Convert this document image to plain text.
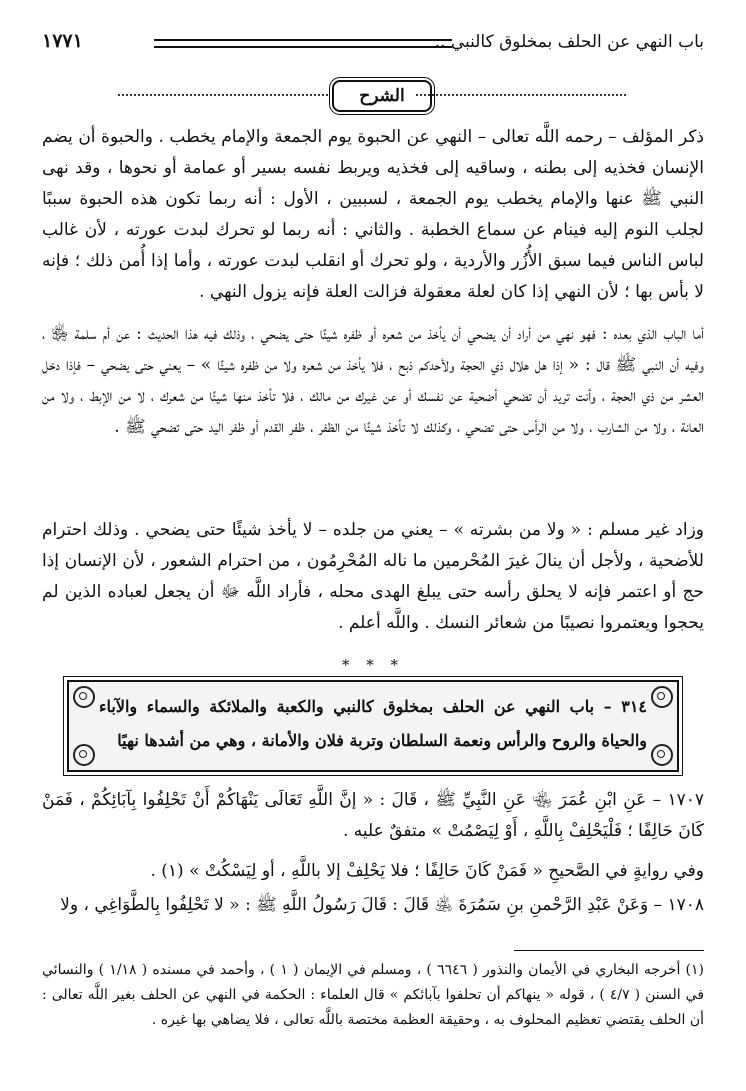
باب النهي عن الحلف بمخلوق كالنبي ..
١٧٧١
الشرح

ذكر المؤلف – رحمه اللَّه تعالى – النهي عن الحبوة يوم الجمعة والإمام يخطب . والحبوة أن يضم الإنسان فخذيه إلى بطنه ، وساقيه إلى فخذيه ويربط نفسه بسير أو عمامة أو نحوها ، وقد نهى النبي ﷺ عنها والإمام يخطب يوم الجمعة ، لسببين ، الأول : أنه ربما تكون هذه الحبوة سببًا لجلب النوم إليه فينام عن سماع الخطبة . والثاني : أنه ربما لو تحرك لبدت عورته ، لأن غالب لباس الناس فيما سبق الأُزُر والأردية ، ولو تحرك أو انقلب لبدت عورته ، وأما إذا أُمن ذلك ؛ فإنه لا بأس بها ؛ لأن النهي إذا كان لعلة معقولة فزالت العلة فإنه يزول النهي .

أما الباب الذي بعده : فهو نهي من أراد أن يضحي أن يأخذ من شعره أو ظفره شيئًا حتى يضحي ، وذلك فيه هذا الحديث : عن أم سلمة ﵂ ، وفيه أن النبي ﷺ قال : « إذا هل هلال ذي الحجة ولأحدكم ذبح ، فلا يأخذ من شعره ولا من ظفره شيئًا » – يعني حتى يضحي – فإذا دخل العشر من ذي الحجة ، وأنت تريد أن تضحي أضحية عن نفسك أو عن غيرك من مالك ، فلا تأخذ منها شيئًا من شعرك ، لا من الإبط ، ولا من العانة ، ولا من الشارب ، ولا من الرأس حتى تضحي ، وكذلك لا تأخذ شيئًا من الظفر ، ظفر القدم أو ظفر اليد حتى تضحي ﷺ .

وزاد غير مسلم : « ولا من بشرته » – يعني من جلده – لا يأخذ شيئًا حتى يضحي . وذلك احترام للأضحية ، ولأجل أن ينالَ غيرَ المُحْرمين ما ناله المُحْرِمُون ، من احترام الشعور ، لأن الإنسان إذا حج أو اعتمر فإنه لا يحلق رأسه حتى يبلغ الهدى محله ، فأراد اللَّه ﷻ أن يجعل لعباده الذين لم يحجوا ويعتمروا نصيبًا من شعائر النسك . واللَّه أعلم .

* * *
٣١٤ – باب النهي عن الحلف بمخلوق كالنبي والكعبة والملائكة والسماء والآباء والحياة والروح والرأس ونعمة السلطان وتربة فلان والأمانة ، وهي من أشدها نهيًا
١٧٠٧ – عَنِ ابْنِ عُمَرَ ﵄ عَنِ النَّبِيِّ ﷺ ، قَالَ : « إنَّ اللَّهِ تَعَالَى يَنْهَاكُمْ أَنْ تَحْلِفُوا بِآبَائِكُمْ ، فَمَنْ كَانَ حَالِفًا ؛ فَلْيَحْلِفْ بِاللَّهِ ، أَوْ لِيَصْمُتْ » متفقٌ عليه .
وفي روايةٍ في الصَّحيحِ « فَمَنْ كَانَ حَالِفًا ؛ فلا يَحْلِفْ إلا باللَّهِ ، أو لِيَسْكُتْ » (١) .
١٧٠٨ – وَعَنْ عَبْدِ الرَّحْمنِ بنِ سَمُرَةَ ﵁ قَالَ : قَالَ رَسُولُ اللَّهِ ﷺ : « لا تَحْلِفُوا بِالطَّوَاغِي ، ولا
(١) أخرجه البخاري في الأيمان والنذور ( ٦٦٤٦ ) ، ومسلم في الإيمان ( ١ ) ، وأحمد في مسنده ( ١/١٨ ) والنسائي في السنن ( ٤/٧ ) ، قوله « ينهاكم أن تحلفوا بآبائكم » قال العلماء : الحكمة في النهي عن الحلف بغير اللَّه تعالى : أن الحلف يقتضي تعظيم المحلوف به ، وحقيقة العظمة مختصة باللَّه تعالى ، فلا يضاهي بها غيره .
